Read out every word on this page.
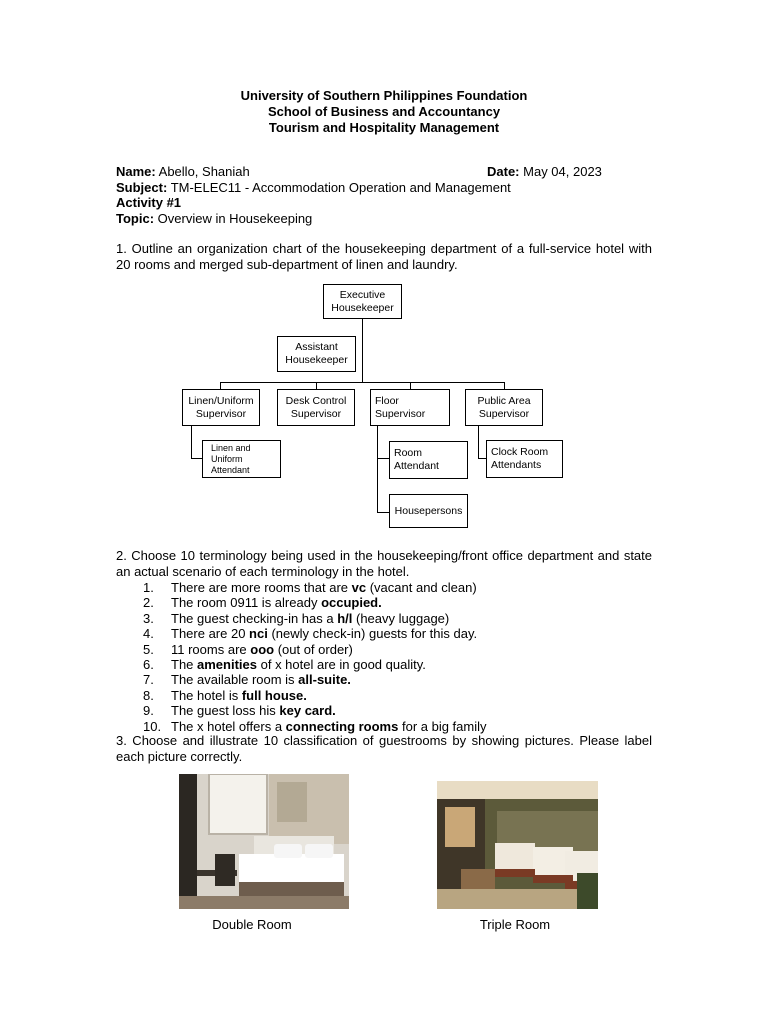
University of Southern Philippines Foundation
School of Business and Accountancy
Tourism and Hospitality Management
Name: Abello, Shaniah	Date: May 04, 2023
Subject: TM-ELEC11 - Accommodation Operation and Management
Activity #1
Topic: Overview in Housekeeping
1. Outline an organization chart of the housekeeping department of a full-service hotel with 20 rooms and merged sub-department of linen and laundry.
Executive Housekeeper
Assistant Housekeeper
Linen/Uniform Supervisor
Desk Control Supervisor
Floor Supervisor
Public Area Supervisor
Linen and Uniform Attendant
Room Attendant
Housepersons
Clock Room Attendants
2. Choose 10 terminology being used in the housekeeping/front office department and state an actual scenario of each terminology in the hotel.
1. There are more rooms that are vc (vacant and clean)
2. The room 0911 is already occupied.
3. The guest checking-in has a h/l (heavy luggage)
4. There are 20 nci (newly check-in) guests for this day.
5. 11 rooms are ooo (out of order)
6. The amenities of x hotel are in good quality.
7. The available room is all-suite.
8. The hotel is full house.
9. The guest loss his key card.
10. The x hotel offers a connecting rooms for a big family
3. Choose and illustrate 10 classification of guestrooms by showing pictures. Please label each picture correctly.
Double Room	Triple Room
